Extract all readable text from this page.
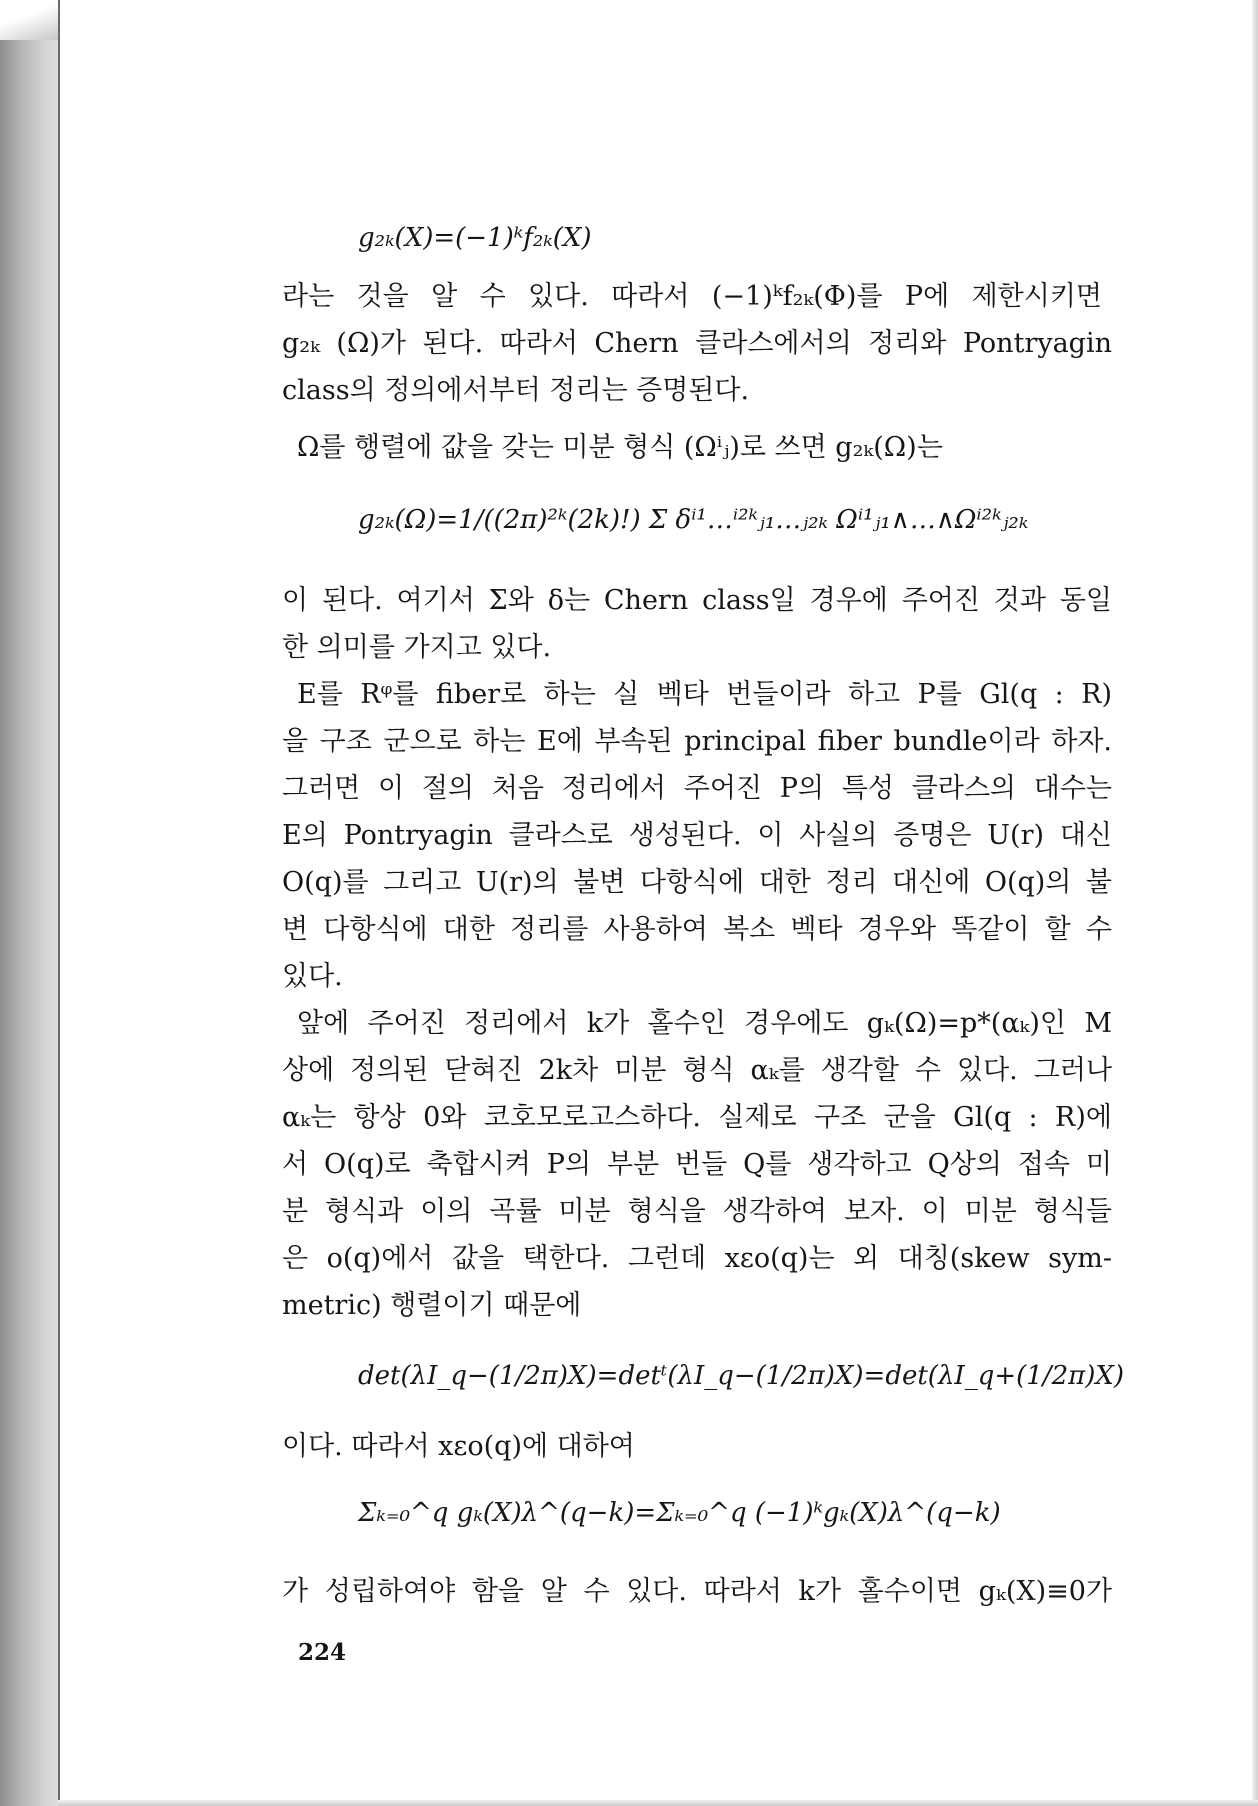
g₂ₖ(X)=(−1)ᵏf₂ₖ(X)
라는 것을 알 수 있다. 따라서 (−1)ᵏf₂ₖ(Φ)를 P에 제한시키면
g₂ₖ (Ω)가 된다. 따라서 Chern 클라스에서의 정리와 Pontryagin
class의 정의에서부터 정리는 증명된다.
Ω를 행렬에 값을 갖는 미분 형식 (Ωⁱⱼ)로 쓰면 g₂ₖ(Ω)는
g₂ₖ(Ω)=1/((2π)²ᵏ(2k)!) Σ δⁱ¹…ⁱ²ᵏⱼ₁…ⱼ₂ₖ Ωⁱ¹ⱼ₁∧…∧Ωⁱ²ᵏⱼ₂ₖ
이 된다. 여기서 Σ와 δ는 Chern class일 경우에 주어진 것과 동일
한 의미를 가지고 있다.
E를 Rᵠ를 fiber로 하는 실 벡타 번들이라 하고 P를 Gl(q : R)
을 구조 군으로 하는 E에 부속된 principal fiber bundle이라 하자.
그러면 이 절의 처음 정리에서 주어진 P의 특성 클라스의 대수는
E의 Pontryagin 클라스로 생성된다. 이 사실의 증명은 U(r) 대신
O(q)를 그리고 U(r)의 불변 다항식에 대한 정리 대신에 O(q)의 불
변 다항식에 대한 정리를 사용하여 복소 벡타 경우와 똑같이 할 수
있다.
앞에 주어진 정리에서 k가 홀수인 경우에도 gₖ(Ω)=p*(αₖ)인 M
상에 정의된 닫혀진 2k차 미분 형식 αₖ를 생각할 수 있다. 그러나
αₖ는 항상 0와 코호모로고스하다. 실제로 구조 군을 Gl(q : R)에
서 O(q)로 축합시켜 P의 부분 번들 Q를 생각하고 Q상의 접속 미
분 형식과 이의 곡률 미분 형식을 생각하여 보자. 이 미분 형식들
은 o(q)에서 값을 택한다. 그런데 xεo(q)는 외 대칭(skew sym-
metric) 행렬이기 때문에
det(λI_q−(1/2π)X)=detᵗ(λI_q−(1/2π)X)=det(λI_q+(1/2π)X)
이다. 따라서 xεo(q)에 대하여
Σₖ₌₀^q gₖ(X)λ^(q−k)=Σₖ₌₀^q (−1)ᵏgₖ(X)λ^(q−k)
가 성립하여야 함을 알 수 있다. 따라서 k가 홀수이면 gₖ(X)≡0가
224
